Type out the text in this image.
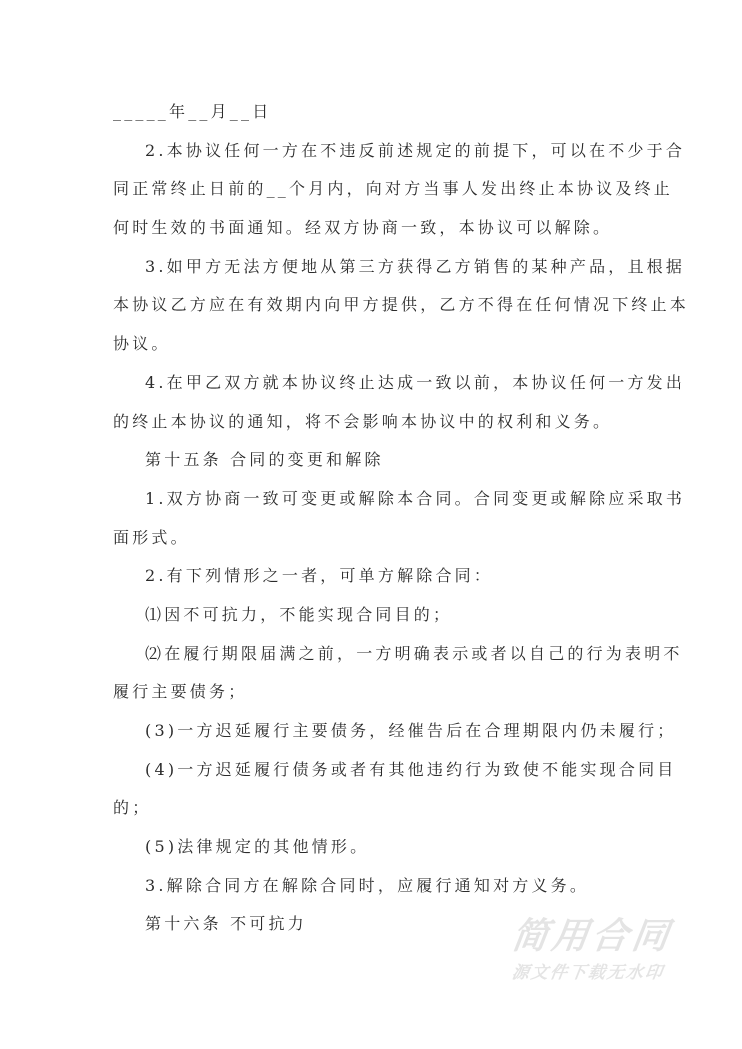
_____年__月__日
2.本协议任何一方在不违反前述规定的前提下，可以在不少于合
同正常终止日前的__个月内，向对方当事人发出终止本协议及终止
何时生效的书面通知。经双方协商一致，本协议可以解除。
3.如甲方无法方便地从第三方获得乙方销售的某种产品，且根据
本协议乙方应在有效期内向甲方提供，乙方不得在任何情况下终止本
协议。
4.在甲乙双方就本协议终止达成一致以前，本协议任何一方发出
的终止本协议的通知，将不会影响本协议中的权利和义务。
第十五条 合同的变更和解除
1.双方协商一致可变更或解除本合同。合同变更或解除应采取书
面形式。
2.有下列情形之一者，可单方解除合同：
⑴因不可抗力，不能实现合同目的；
⑵在履行期限届满之前，一方明确表示或者以自己的行为表明不
履行主要债务；
(3)一方迟延履行主要债务，经催告后在合理期限内仍未履行；
(4)一方迟延履行债务或者有其他违约行为致使不能实现合同目
的；
(5)法律规定的其他情形。
3.解除合同方在解除合同时，应履行通知对方义务。
第十六条 不可抗力	简用合同
源文件下载无水印
